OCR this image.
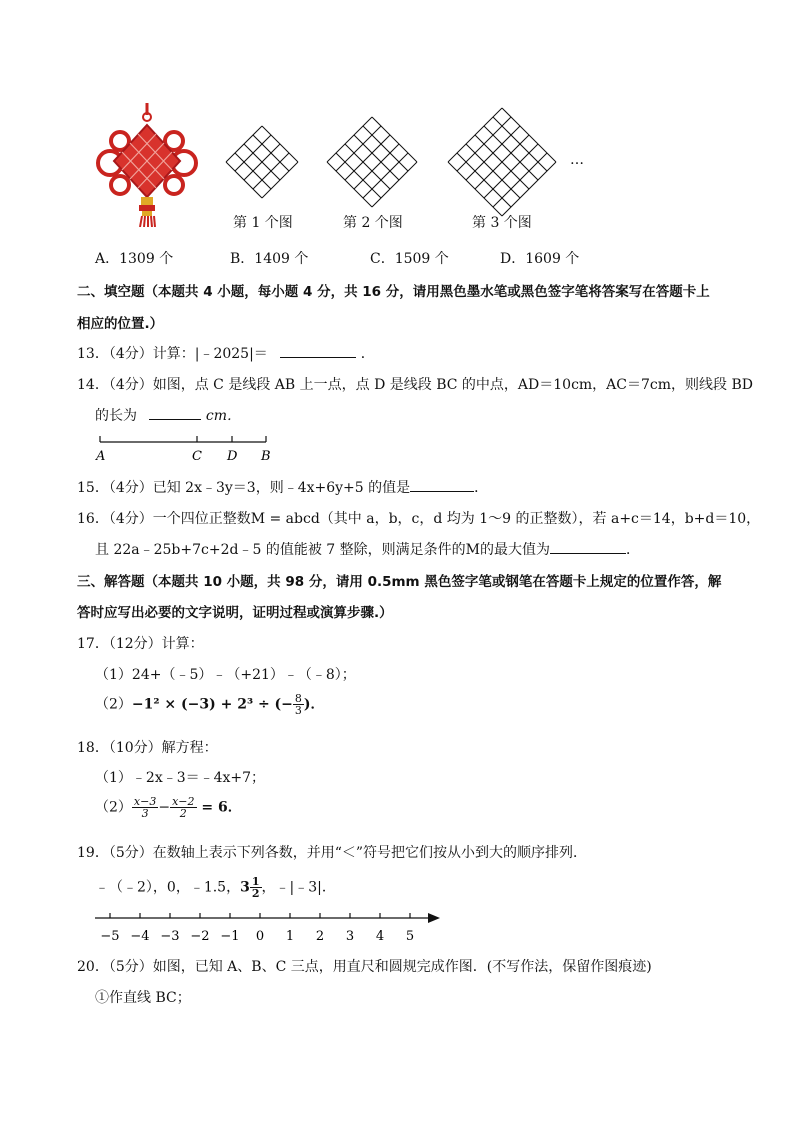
第 1 个图	第 2 个图	第 3 个图
…
A．1309 个	B．1409 个	C．1509 个	D．1609 个
二、填空题（本题共 4 小题，每小题 4 分，共 16 分，请用黑色墨水笔或黑色签字笔将答案写在答题卡上
相应的位置.）
13．（4分）计算：|﹣2025|＝	．
14．（4分）如图，点 C 是线段 AB 上一点，点 D 是线段 BC 的中点，AD＝10cm，AC＝7cm，则线段 BD
的长为	cm．
A	C D B
15．（4分）已知 2x﹣3y＝3，则﹣4x+6y+5 的值是	．
16．（4分）一个四位正整数M = abcd（其中 a，b，c，d 均为 1～9 的正整数），若 a+c＝14，b+d＝10，
且 22a﹣25b+7c+2d﹣5 的值能被 7 整除，则满足条件的M的最大值为	．
三、解答题（本题共 10 小题，共 98 分，请用 0.5mm 黑色签字笔或钢笔在答题卡上规定的位置作答，解
答时应写出必要的文字说明，证明过程或演算步骤.）
17．（12分）计算：
（1）24+（﹣5）﹣（+21）﹣（﹣8）；
（2）−1² × (−3) + 2³ ÷ (− $\frac{8}{3}$ )．
18．（10分）解方程：
（1）﹣2x﹣3＝﹣4x+7；
$(2) \frac{x-3}{3} - \frac{x-2}{2} = 6$．
19．（5分）在数轴上表示下列各数，并用“＜”符号把它们按从小到大的顺序排列．
﹣（﹣2），0，﹣1.5，$3 \frac{1}{2}$ ，﹣|﹣3|．
−5 −4 −3 −2 −1 0 1 2 3 4 5
20．（5分）如图，已知 A、B、C 三点，用直尺和圆规完成作图．(不写作法，保留作图痕迹)
①作直线 BC；
